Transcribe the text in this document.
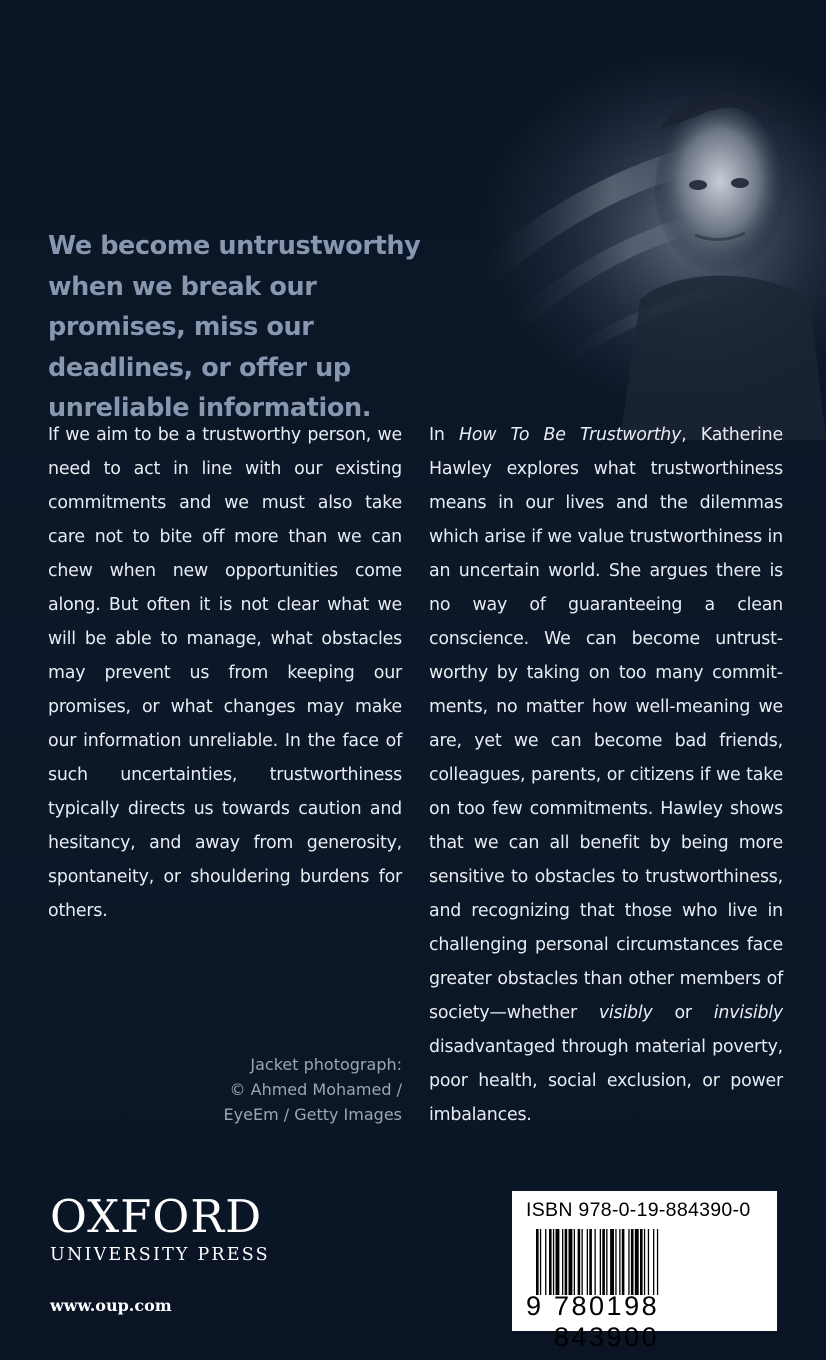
We become untrustworthy when we break our promises, miss our deadlines, or offer up unreliable information.

If we aim to be a trustworthy person, we need to act in line with our existing commitments and we must also take care not to bite off more than we can chew when new opportunities come along. But often it is not clear what we will be able to manage, what obstacles may prevent us from keeping our promises, or what changes may make our information unreliable. In the face of such uncertainties, trustworthiness typically directs us towards caution and hesitancy, and away from generosity, spontaneity, or shouldering burdens for others.

In How To Be Trustworthy, Katherine Hawley explores what trustworthiness means in our lives and the dilemmas which arise if we value trustworthiness in an uncertain world. She argues there is no way of guaranteeing a clean conscience. We can become untrustworthy by taking on too many commitments, no matter how well-meaning we are, yet we can become bad friends, colleagues, parents, or citizens if we take on too few commitments. Hawley shows that we can all benefit by being more sensitive to obstacles to trustworthiness, and recognizing that those who live in challenging personal circumstances face greater obstacles than other members of society—whether visibly or invisibly disadvantaged through material poverty, poor health, social exclusion, or power imbalances.

Jacket photograph:
© Ahmed Mohamed /
EyeEm / Getty Images
OXFORD
UNIVERSITY PRESS
www.oup.com
ISBN 978-0-19-884390-0
9 780198 843900
